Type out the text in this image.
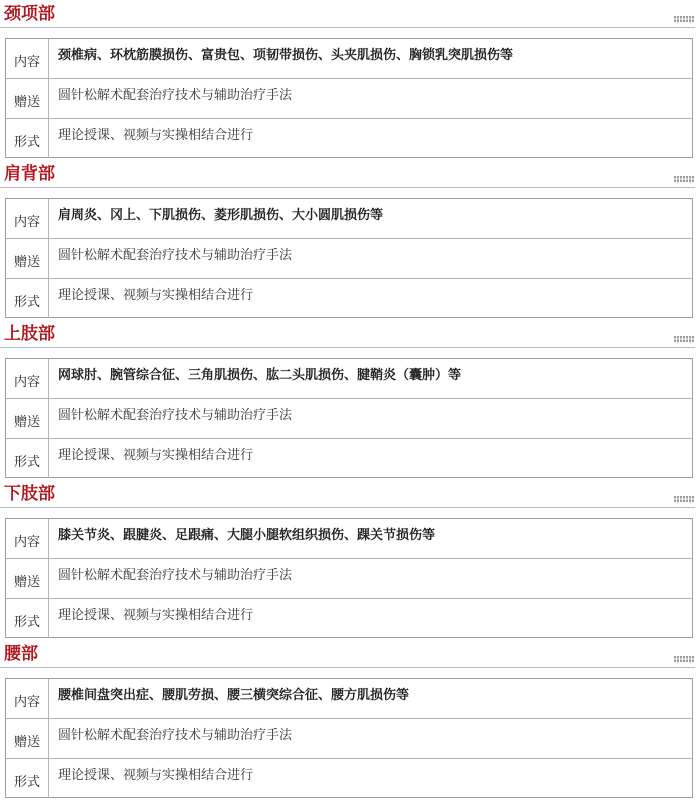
颈项部
内容	颈椎病、环枕筋膜损伤、富贵包、项韧带损伤、头夹肌损伤、胸锁乳突肌损伤等
赠送	圆针松解术配套治疗技术与辅助治疗手法
形式	理论授课、视频与实操相结合进行
肩背部
内容	肩周炎、冈上、下肌损伤、菱形肌损伤、大小圆肌损伤等
赠送	圆针松解术配套治疗技术与辅助治疗手法
形式	理论授课、视频与实操相结合进行
上肢部
内容	网球肘、腕管综合征、三角肌损伤、肱二头肌损伤、腱鞘炎（囊肿）等
赠送	圆针松解术配套治疗技术与辅助治疗手法
形式	理论授课、视频与实操相结合进行
下肢部
内容	膝关节炎、跟腱炎、足跟痛、大腿小腿软组织损伤、踝关节损伤等
赠送	圆针松解术配套治疗技术与辅助治疗手法
形式	理论授课、视频与实操相结合进行
腰部
内容	腰椎间盘突出症、腰肌劳损、腰三横突综合征、腰方肌损伤等
赠送	圆针松解术配套治疗技术与辅助治疗手法
形式	理论授课、视频与实操相结合进行
